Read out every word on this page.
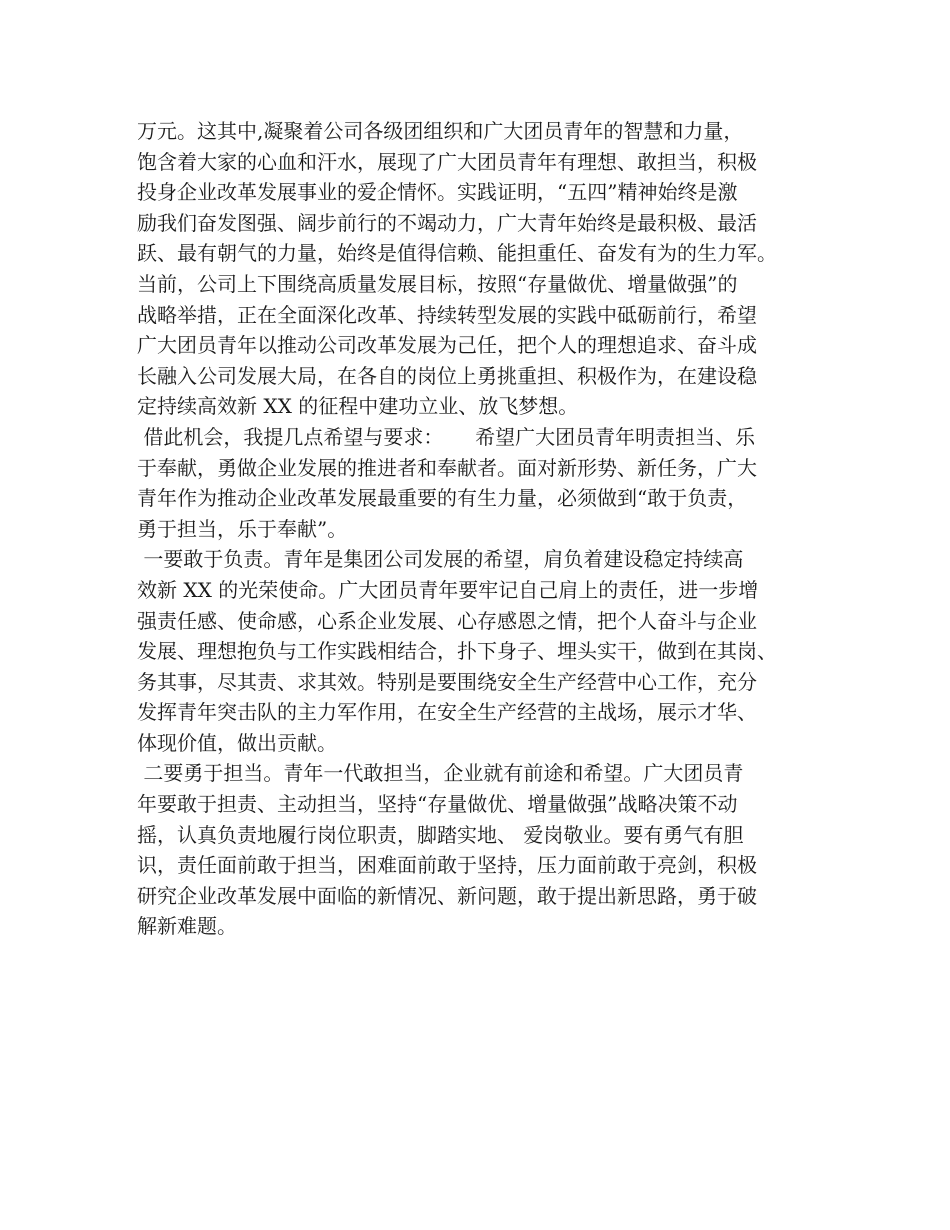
万元。这其中,凝聚着公司各级团组织和广大团员青年的智慧和力量，
饱含着大家的心血和汗水，展现了广大团员青年有理想、敢担当，积极
投身企业改革发展事业的爱企情怀。实践证明，“五四”精神始终是激
励我们奋发图强、阔步前行的不竭动力，广大青年始终是最积极、最活
跃、最有朝气的力量，始终是值得信赖、能担重任、奋发有为的生力军。
当前，公司上下围绕高质量发展目标，按照“存量做优、增量做强”的
战略举措，正在全面深化改革、持续转型发展的实践中砥砺前行，希望
广大团员青年以推动公司改革发展为己任，把个人的理想追求、奋斗成
长融入公司发展大局，在各自的岗位上勇挑重担、积极作为，在建设稳
定持续高效新 XX 的征程中建功立业、放飞梦想。
借此机会，我提几点希望与要求：     希望广大团员青年明责担当、乐
于奉献，勇做企业发展的推进者和奉献者。面对新形势、新任务，广大
青年作为推动企业改革发展最重要的有生力量，必须做到“敢于负责，
勇于担当，乐于奉献”。
一要敢于负责。青年是集团公司发展的希望，肩负着建设稳定持续高
效新 XX 的光荣使命。广大团员青年要牢记自己肩上的责任，进一步增
强责任感、使命感，心系企业发展、心存感恩之情，把个人奋斗与企业
发展、理想抱负与工作实践相结合，扑下身子、埋头实干，做到在其岗、
务其事，尽其责、求其效。特别是要围绕安全生产经营中心工作，充分
发挥青年突击队的主力军作用，在安全生产经营的主战场，展示才华、
体现价值，做出贡献。
二要勇于担当。青年一代敢担当，企业就有前途和希望。广大团员青
年要敢于担责、主动担当，坚持“存量做优、增量做强”战略决策不动
摇，认真负责地履行岗位职责，脚踏实地、 爱岗敬业。要有勇气有胆
识，责任面前敢于担当，困难面前敢于坚持，压力面前敢于亮剑，积极
研究企业改革发展中面临的新情况、新问题，敢于提出新思路，勇于破
解新难题。
